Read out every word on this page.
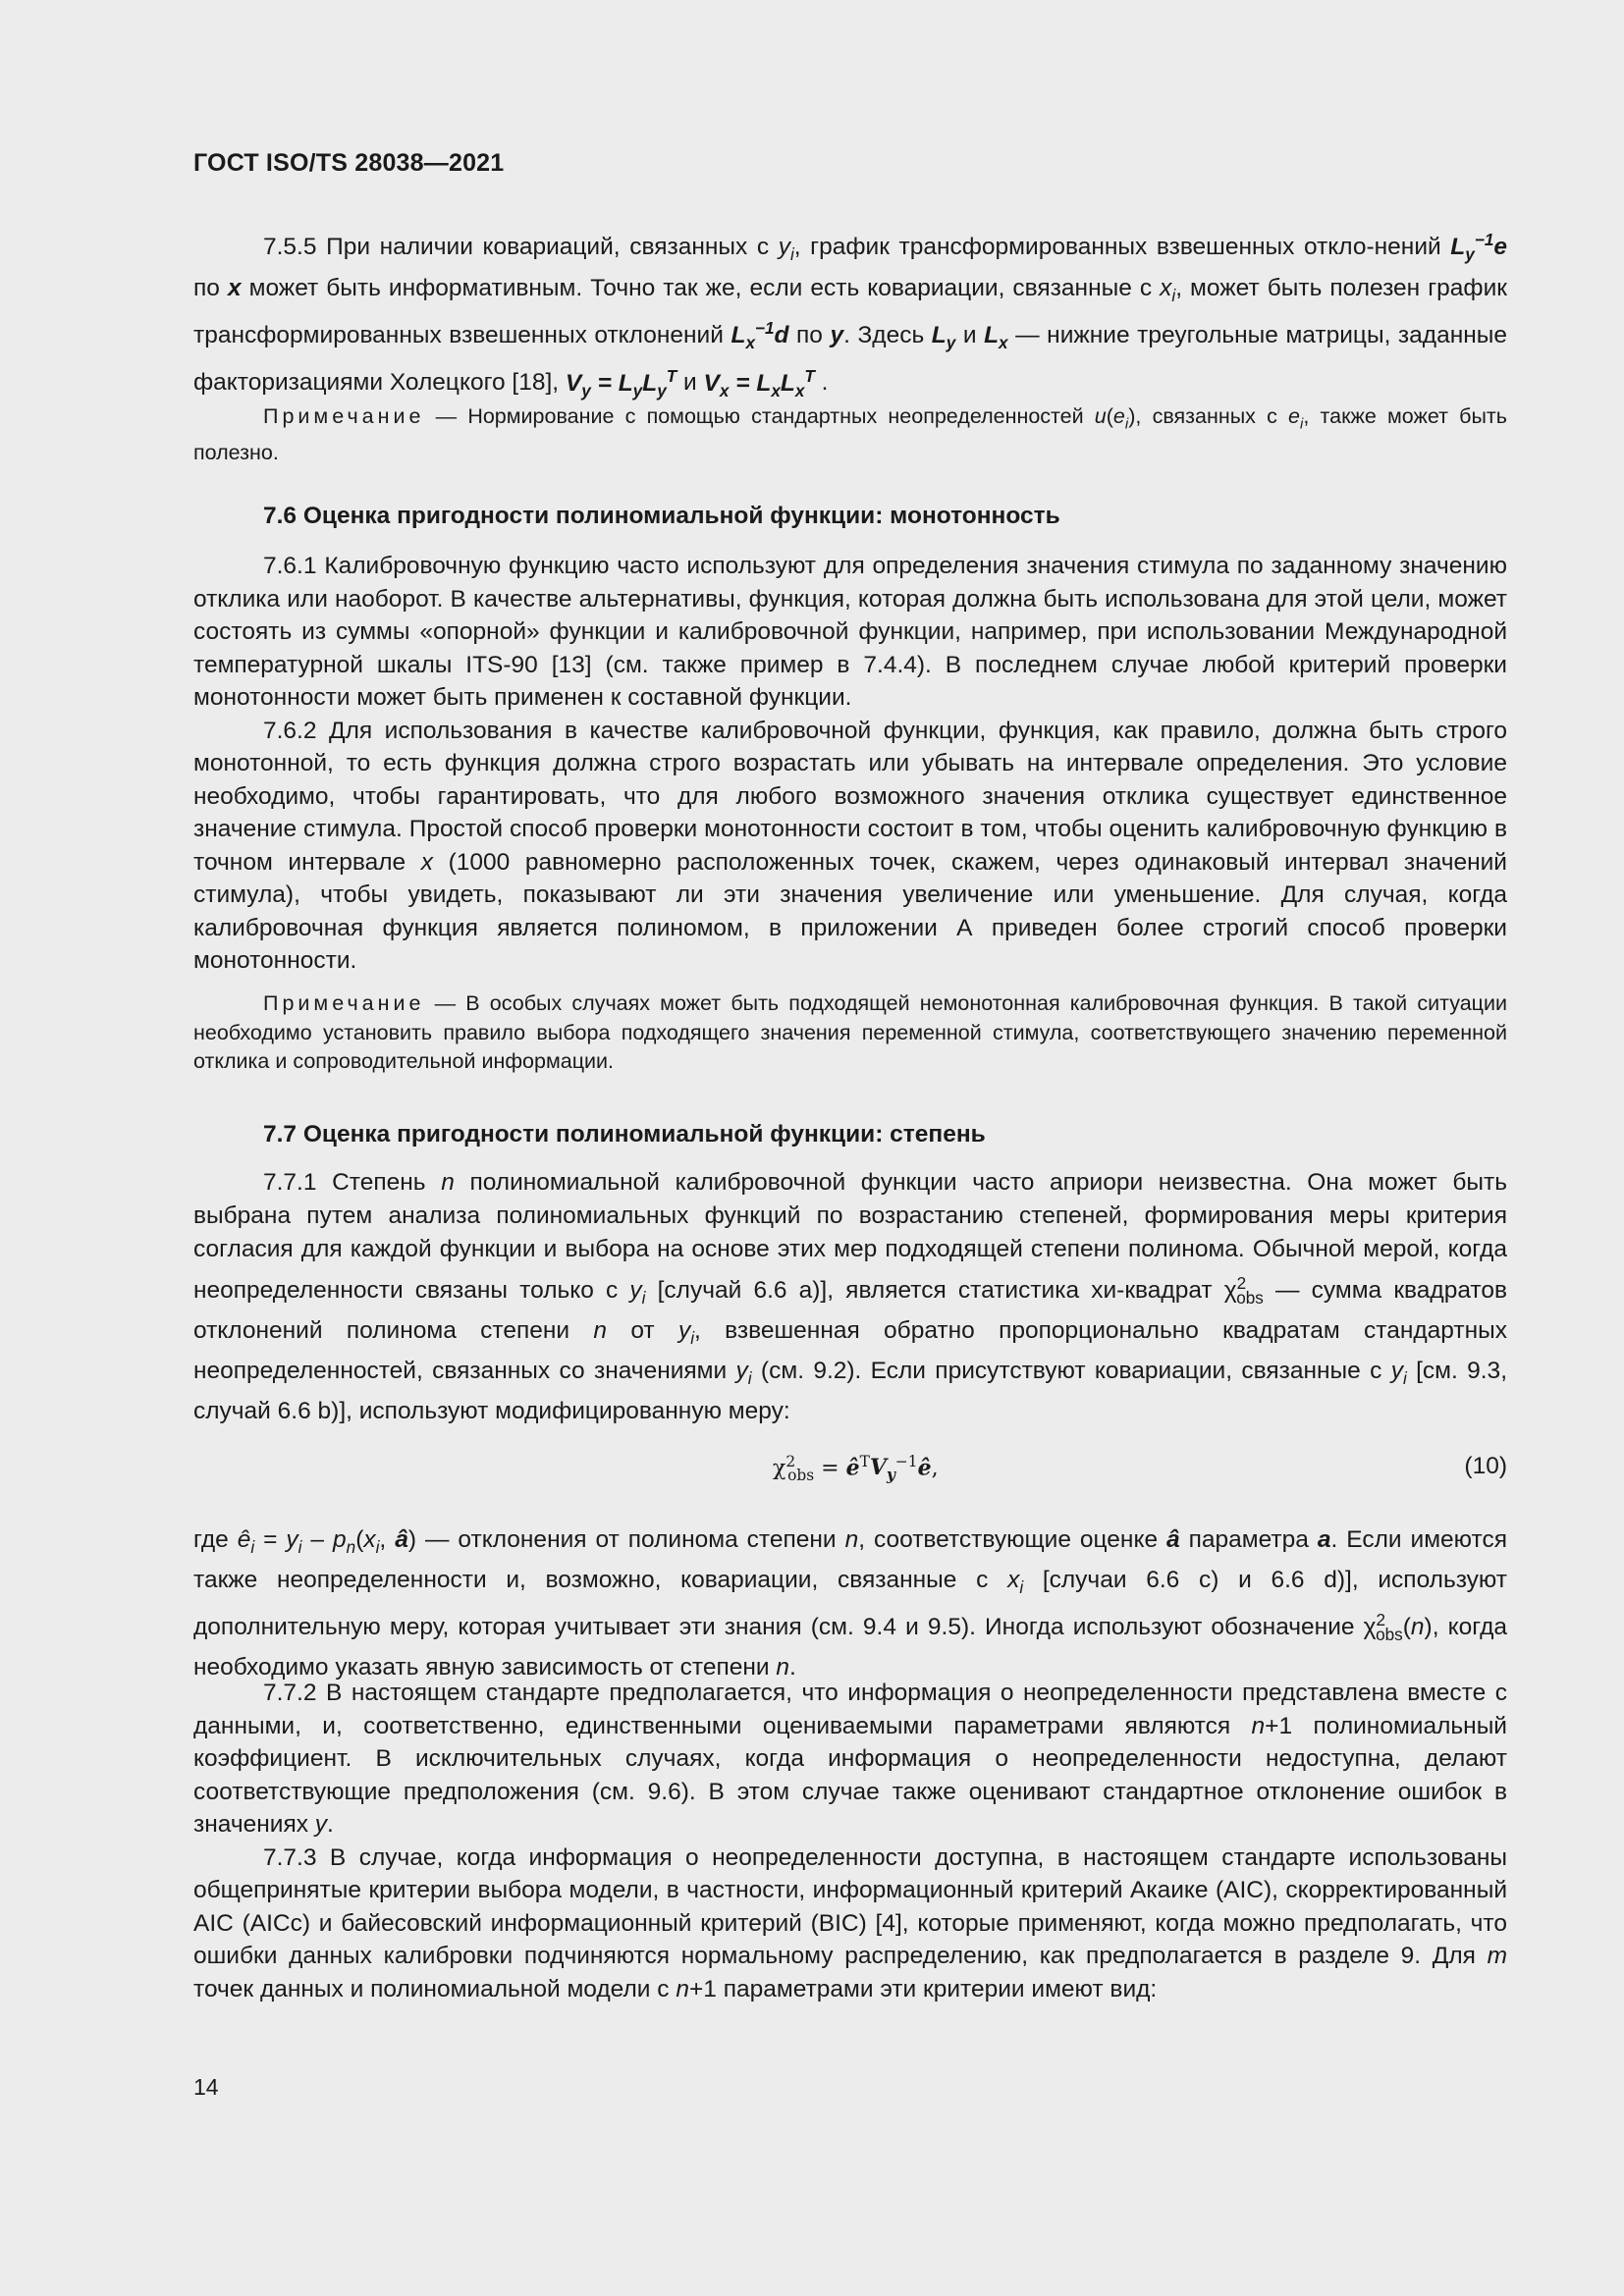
ГОСТ ISO/TS 28038—2021

7.5.5 При наличии ковариаций, связанных с $y_i$, график трансформированных взвешенных откло-нений $L_y^{-1}e$ по x может быть информативным. Точно так же, если есть ковариации, связанные с $x_i$, может быть полезен график трансформированных взвешенных отклонений $L_x^{-1}d$ по y. Здесь $L_y$ и $L_x$ — нижние треугольные матрицы, заданные факторизациями Холецкого [18], $V_y = L_yL_y^T$ и $V_x = L_xL_x^T$ .

Примечание — Нормирование с помощью стандартных неопределенностей $u(e_i)$, связанных с $e_i$, также может быть полезно.

7.6 Оценка пригодности полиномиальной функции: монотонность

7.6.1 Калибровочную функцию часто используют для определения значения стимула по заданному значению отклика или наоборот. В качестве альтернативы, функция, которая должна быть использована для этой цели, может состоять из суммы «опорной» функции и калибровочной функции, например, при использовании Международной температурной шкалы ITS-90 [13] (см. также пример в 7.4.4). В последнем случае любой критерий проверки монотонности может быть применен к составной функции.

7.6.2 Для использования в качестве калибровочной функции, функция, как правило, должна быть строго монотонной, то есть функция должна строго возрастать или убывать на интервале определения. Это условие необходимо, чтобы гарантировать, что для любого возможного значения отклика существует единственное значение стимула. Простой способ проверки монотонности состоит в том, чтобы оценить калибровочную функцию в точном интервале x (1000 равномерно расположенных точек, скажем, через одинаковый интервал значений стимула), чтобы увидеть, показывают ли эти значения увеличение или уменьшение. Для случая, когда калибровочная функция является полиномом, в приложении А приведен более строгий способ проверки монотонности.

Примечание — В особых случаях может быть подходящей немонотонная калибровочная функция. В такой ситуации необходимо установить правило выбора подходящего значения переменной стимула, соответствующего значению переменной отклика и сопроводительной информации.

7.7 Оценка пригодности полиномиальной функции: степень

7.7.1 Степень n полиномиальной калибровочной функции часто априори неизвестна. Она может быть выбрана путем анализа полиномиальных функций по возрастанию степеней, формирования меры критерия согласия для каждой функции и выбора на основе этих мер подходящей степени полинома. Обычной мерой, когда неопределенности связаны только с $y_i$ [случай 6.6 a)], является статистика хи-квадрат $\chi^2_{obs}$ — сумма квадратов отклонений полинома степени n от $y_i$, взвешенная обратно пропорционально квадратам стандартных неопределенностей, связанных со значениями $y_i$ (см. 9.2). Если присутствуют ковариации, связанные с $y_i$ [см. 9.3, случай 6.6 b)], используют модифицированную меру:

$\chi^2_{obs}$ = $ê^TV_y^{-1}ê$,	(10)

где $ê_i = y_i - p_n(x_i$, â) — отклонения от полинома степени n, соответствующие оценке â параметра a. Если имеются также неопределенности и, возможно, ковариации, связанные с $x_i$ [случаи 6.6 c) и 6.6 d)], используют дополнительную меру, которая учитывает эти знания (см. 9.4 и 9.5). Иногда используют обозначение $\chi^2_{obs}(n)$, когда необходимо указать явную зависимость от степени n.

7.7.2 В настоящем стандарте предполагается, что информация о неопределенности представлена вместе с данными, и, соответственно, единственными оцениваемыми параметрами являются n+1 полиномиальный коэффициент. В исключительных случаях, когда информация о неопределенности недоступна, делают соответствующие предположения (см. 9.6). В этом случае также оценивают стандартное отклонение ошибок в значениях y.

7.7.3 В случае, когда информация о неопределенности доступна, в настоящем стандарте использованы общепринятые критерии выбора модели, в частности, информационный критерий Акаике (AIC), скорректированный AIC (AICc) и байесовский информационный критерий (BIC) [4], которые применяют, когда можно предполагать, что ошибки данных калибровки подчиняются нормальному распределению, как предполагается в разделе 9. Для m точек данных и полиномиальной модели с n+1 параметрами эти критерии имеют вид:

14
